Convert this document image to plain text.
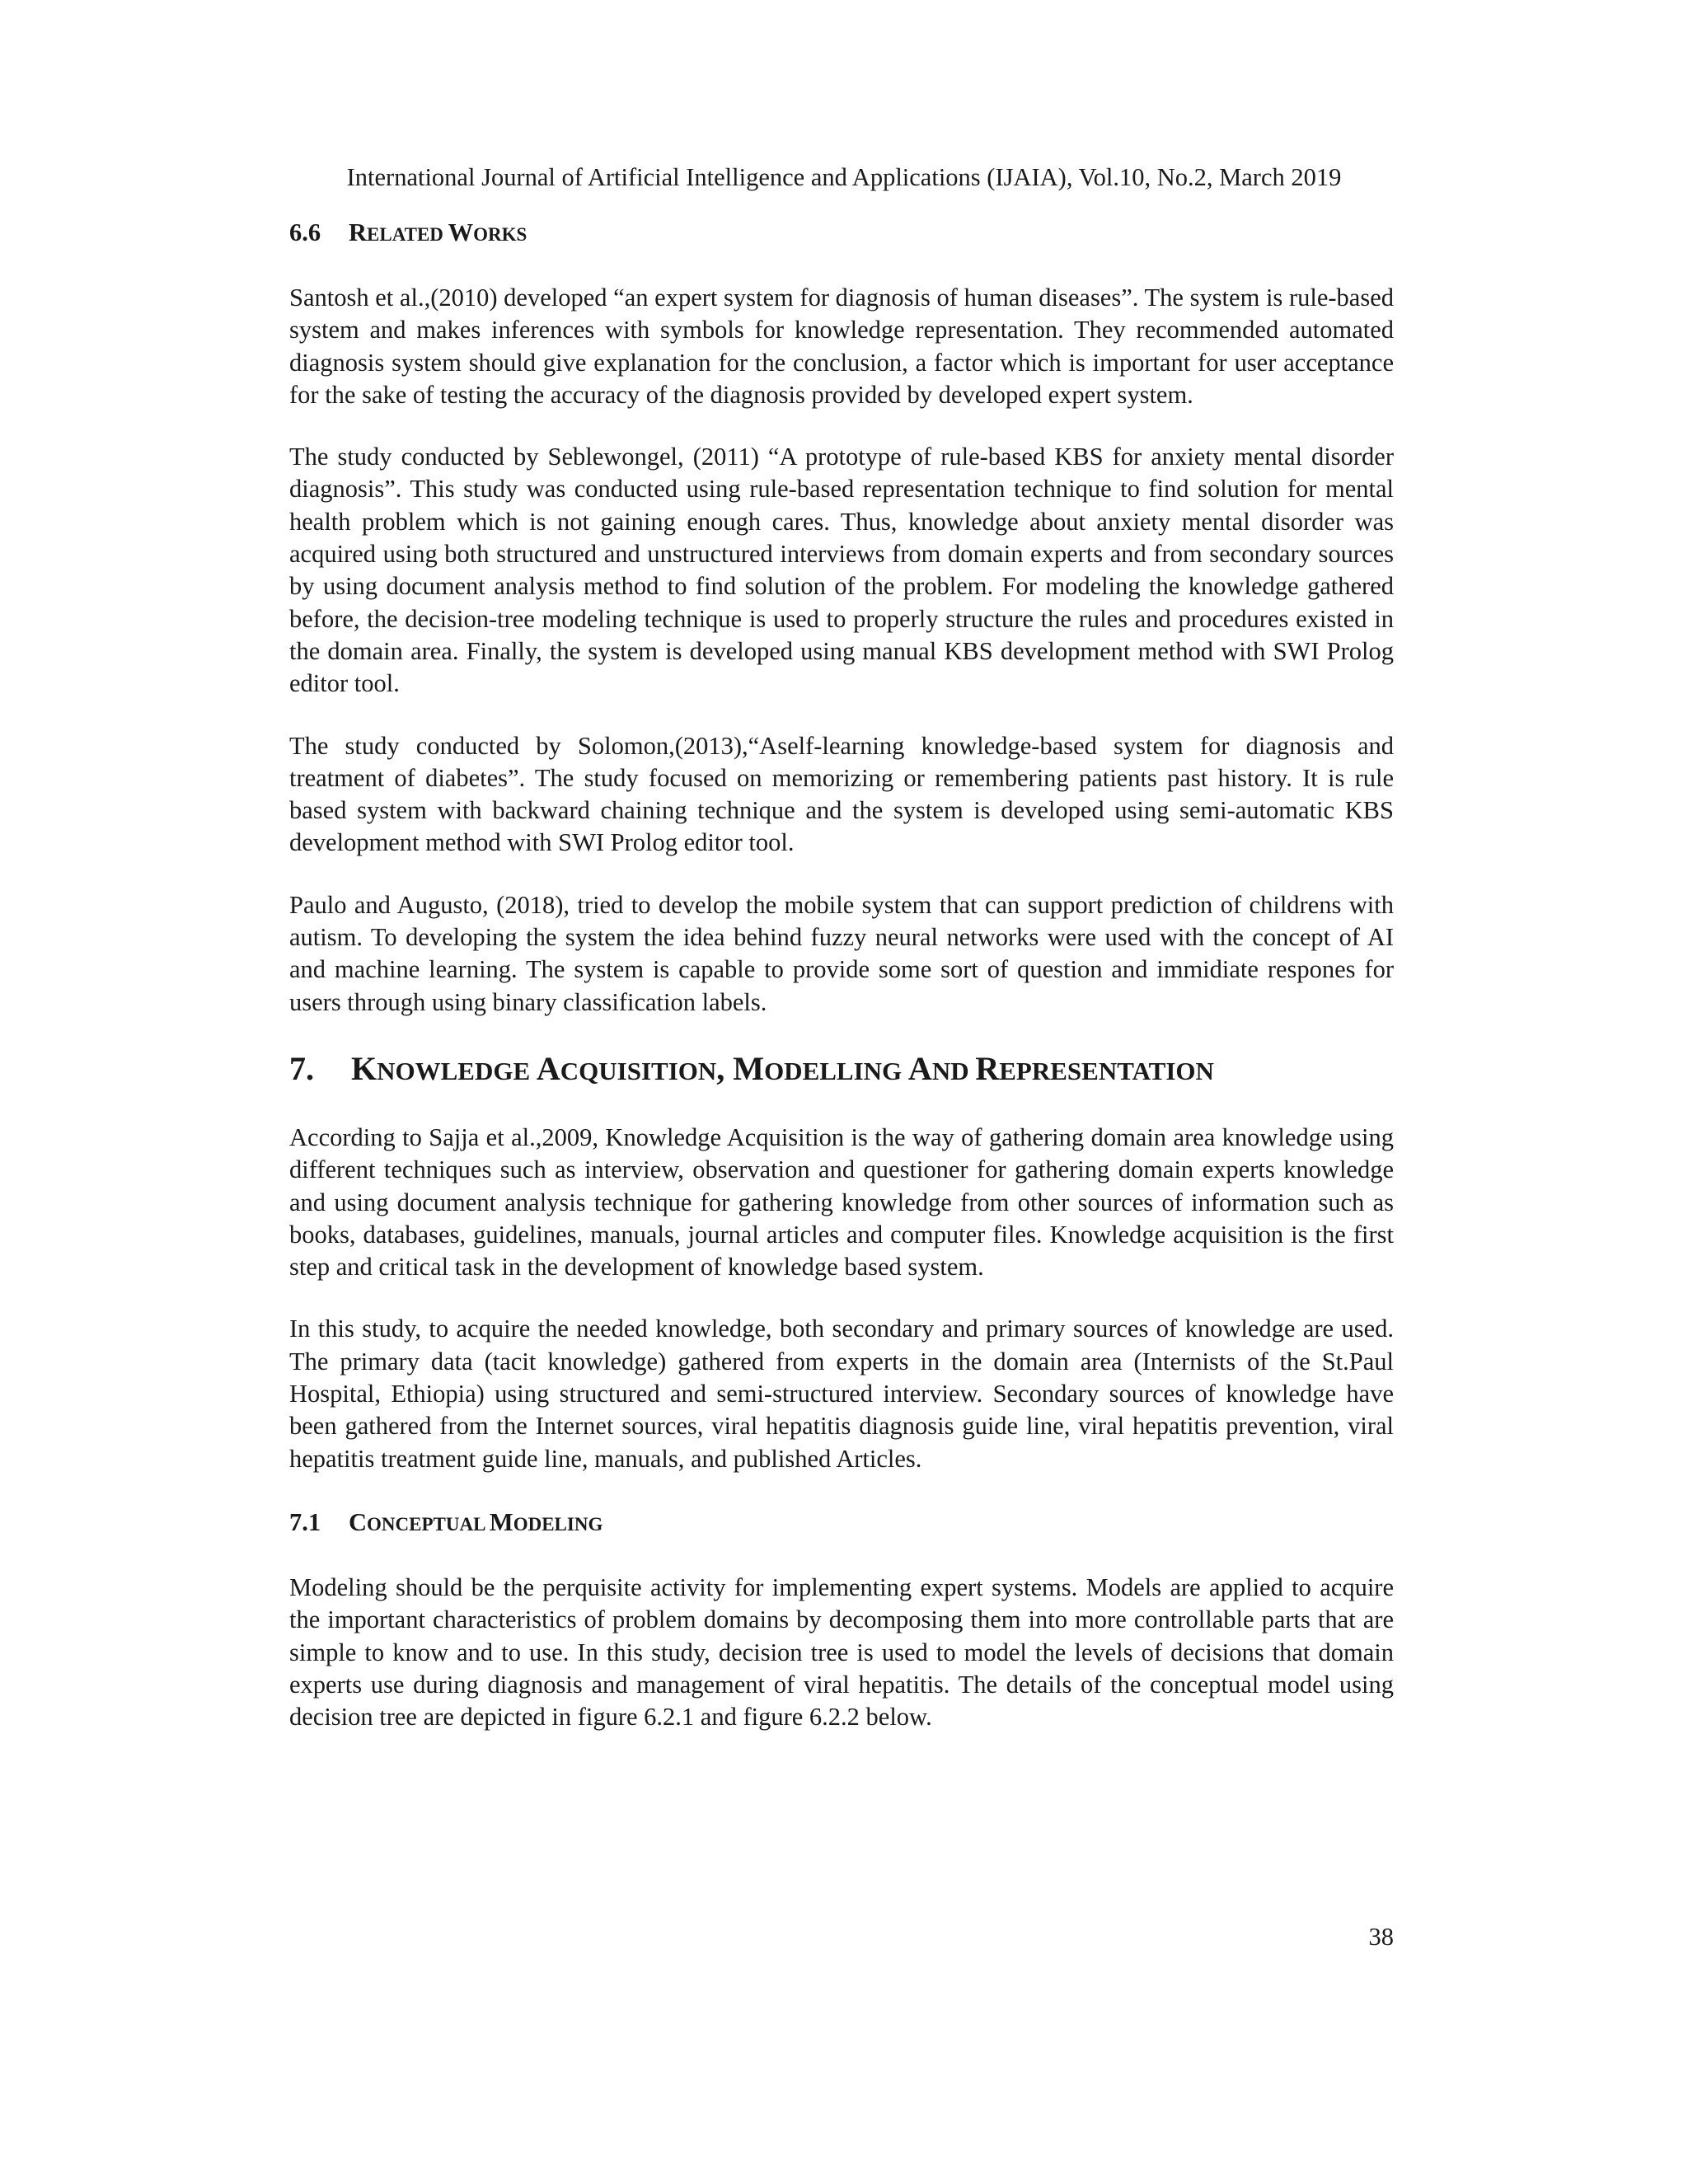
International Journal of Artificial Intelligence and Applications (IJAIA), Vol.10, No.2, March 2019
6.6 RELATED WORKS

Santosh et al.,(2010) developed “an expert system for diagnosis of human diseases”. The system is rule-based system and makes inferences with symbols for knowledge representation. They recommended automated diagnosis system should give explanation for the conclusion, a factor which is important for user acceptance for the sake of testing the accuracy of the diagnosis provided by developed expert system.

The study conducted by Seblewongel, (2011) “A prototype of rule-based KBS for anxiety mental disorder diagnosis”. This study was conducted using rule-based representation technique to find solution for mental health problem which is not gaining enough cares. Thus, knowledge about anxiety mental disorder was acquired using both structured and unstructured interviews from domain experts and from secondary sources by using document analysis method to find solution of the problem. For modeling the knowledge gathered before, the decision-tree modeling technique is used to properly structure the rules and procedures existed in the domain area. Finally, the system is developed using manual KBS development method with SWI Prolog editor tool.

The study conducted by Solomon,(2013),“Aself-learning knowledge-based system for diagnosis and treatment of diabetes”. The study focused on memorizing or remembering patients past history. It is rule based system with backward chaining technique and the system is developed using semi-automatic KBS development method with SWI Prolog editor tool.

Paulo and Augusto, (2018), tried to develop the mobile system that can support prediction of childrens with autism. To developing the system the idea behind fuzzy neural networks were used with the concept of AI and machine learning. The system is capable to provide some sort of question and immidiate respones for users through using binary classification labels.

7. KNOWLEDGE ACQUISITION, MODELLING AND REPRESENTATION

According to Sajja et al.,2009, Knowledge Acquisition is the way of gathering domain area knowledge using different techniques such as interview, observation and questioner for gathering domain experts knowledge and using document analysis technique for gathering knowledge from other sources of information such as books, databases, guidelines, manuals, journal articles and computer files. Knowledge acquisition is the first step and critical task in the development of knowledge based system.

In this study, to acquire the needed knowledge, both secondary and primary sources of knowledge are used. The primary data (tacit knowledge) gathered from experts in the domain area (Internists of the St.Paul Hospital, Ethiopia) using structured and semi-structured interview. Secondary sources of knowledge have been gathered from the Internet sources, viral hepatitis diagnosis guide line, viral hepatitis prevention, viral hepatitis treatment guide line, manuals, and published Articles.

7.1 CONCEPTUAL MODELING

Modeling should be the perquisite activity for implementing expert systems. Models are applied to acquire the important characteristics of problem domains by decomposing them into more controllable parts that are simple to know and to use. In this study, decision tree is used to model the levels of decisions that domain experts use during diagnosis and management of viral hepatitis. The details of the conceptual model using decision tree are depicted in figure 6.2.1 and figure 6.2.2 below.

38
